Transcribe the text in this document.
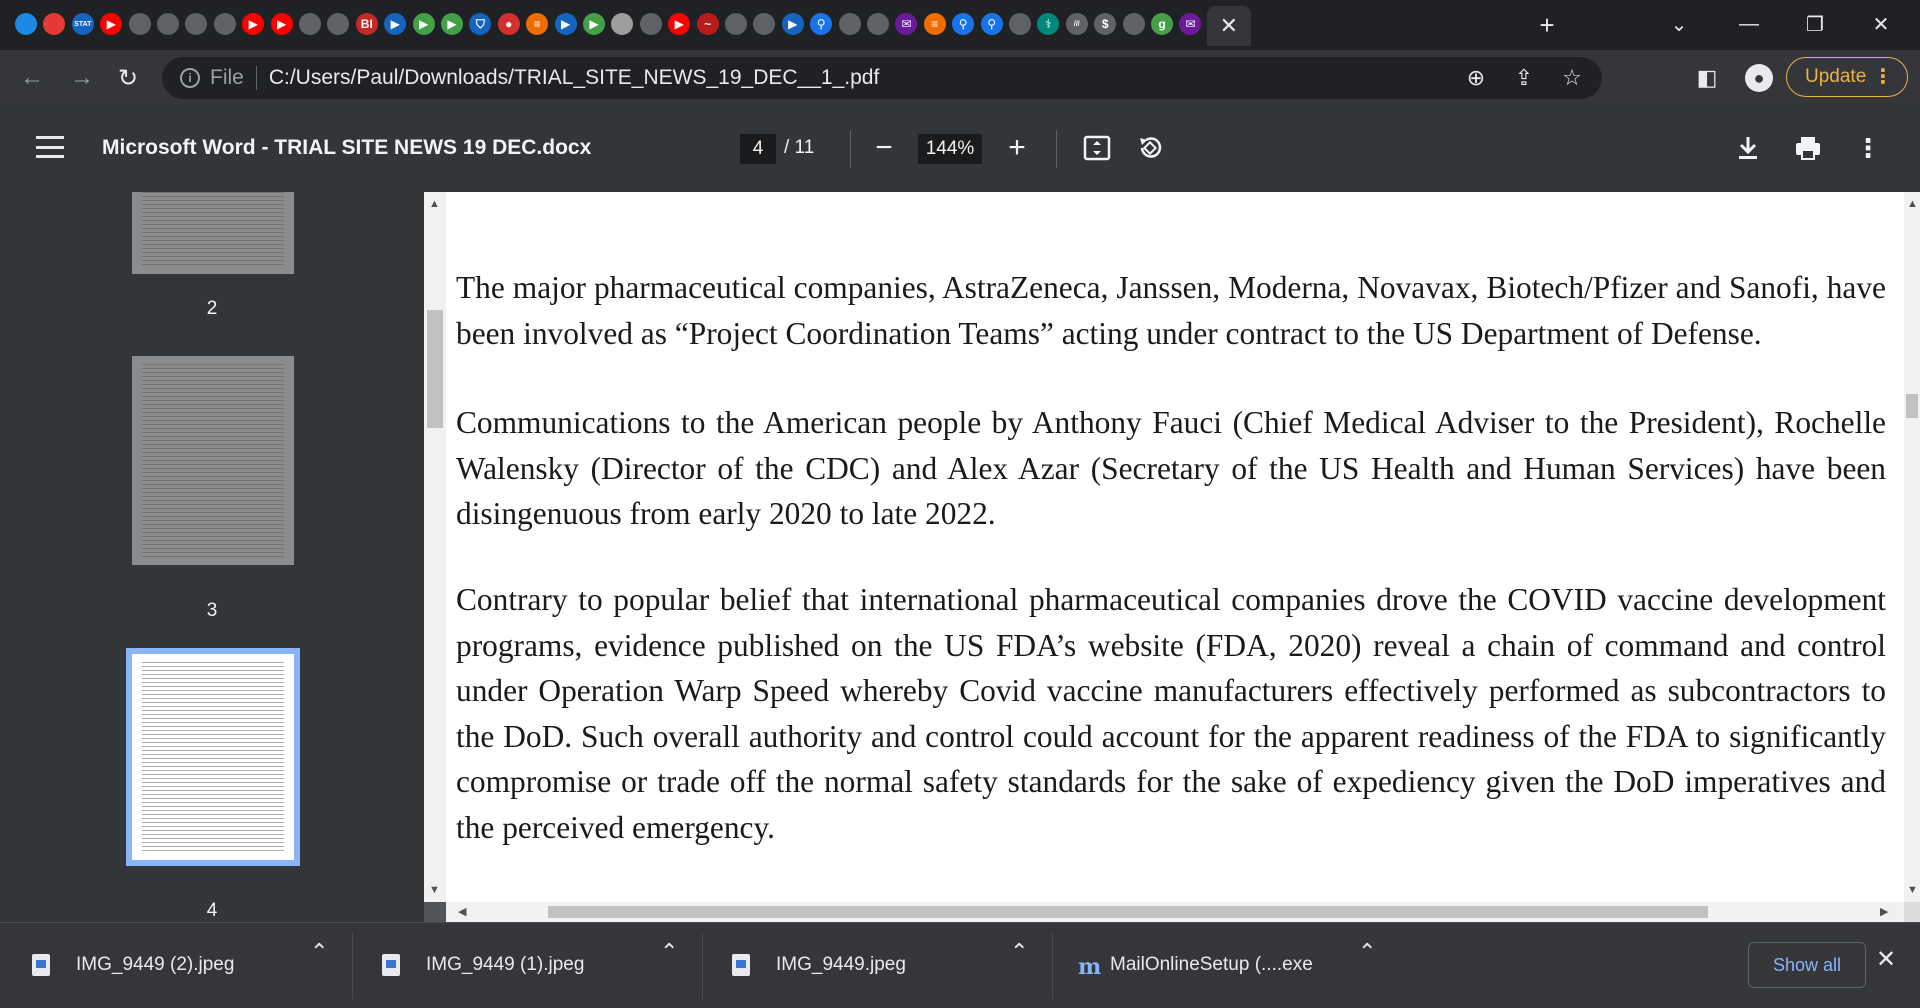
+	⌄	—	❐	✕
STAT	▶	▶	▶	BI	▶	▶	▶	⛉	●	≡	▶	▶	▶	~	▶	⚲	✉	≡	⚲	⚲	⚕	///	$	g	✉ ✕
← → ↻	i File C:/Users/Paul/Downloads/TRIAL_SITE_NEWS_19_DEC__1_.pdf	⊕ ⇪ ☆	◧	●	Update ⋮
Microsoft Word - TRIAL SITE NEWS 19 DEC.docx	4	/ 11 −	144% +	⋮
2
3
4
▲
▼

The major pharmaceutical companies, AstraZeneca, Janssen, Moderna, Novavax, Biotech/Pfizer and Sanofi, have been involved as “Project Coordination Teams” acting under contract to the US Department of Defense.

Communications to the American people by Anthony Fauci (Chief Medical Adviser to the President), Rochelle Walensky (Director of the CDC) and Alex Azar (Secretary of the US Health and Human Services) have been disingenuous from early 2020 to late 2022.

Contrary to popular belief that international pharmaceutical companies drove the COVID vaccine development programs, evidence published on the US FDA’s website (FDA, 2020) reveal a chain of command and control under Operation Warp Speed whereby Covid vaccine manufacturers effectively performed as subcontractors to the DoD. Such overall authority and control could account for the apparent readiness of the FDA to significantly compromise or trade off the normal safety standards for the sake of expediency given the DoD imperatives and the perceived emergency.

▲
▼
◀	▶
IMG_9449 (2).jpeg
⌃
IMG_9449 (1).jpeg
⌃
IMG_9449.jpeg
⌃
m MailOnlineSetup (....exe
⌃
Show all	✕
